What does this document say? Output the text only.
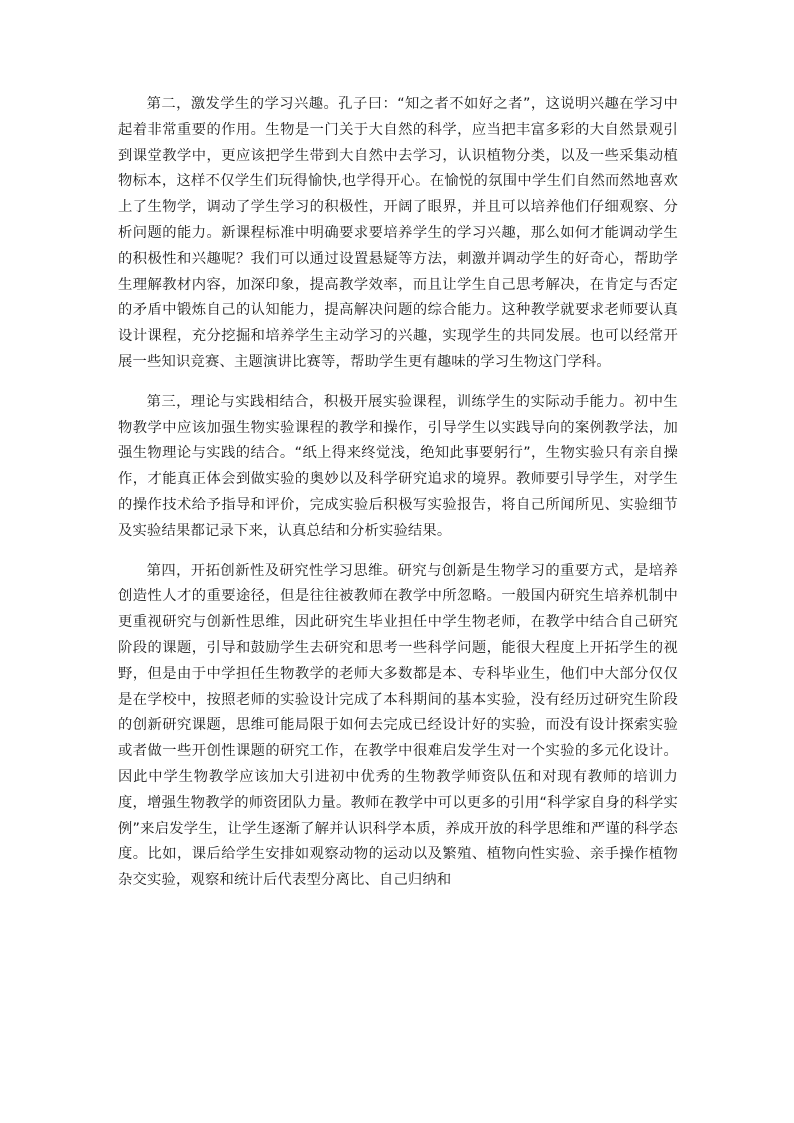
第二，激发学生的学习兴趣。孔子曰：“知之者不如好之者”，这说明兴趣在学习中起着非常重要的作用。生物是一门关于大自然的科学，应当把丰富多彩的大自然景观引到课堂教学中，更应该把学生带到大自然中去学习，认识植物分类，以及一些采集动植物标本，这样不仅学生们玩得愉快,也学得开心。在愉悦的氛围中学生们自然而然地喜欢上了生物学，调动了学生学习的积极性，开阔了眼界，并且可以培养他们仔细观察、分析问题的能力。新课程标准中明确要求要培养学生的学习兴趣，那么如何才能调动学生的积极性和兴趣呢？我们可以通过设置悬疑等方法，刺激并调动学生的好奇心，帮助学生理解教材内容，加深印象，提高教学效率，而且让学生自己思考解决，在肯定与否定的矛盾中锻炼自己的认知能力，提高解决问题的综合能力。这种教学就要求老师要认真设计课程，充分挖掘和培养学生主动学习的兴趣，实现学生的共同发展。也可以经常开展一些知识竞赛、主题演讲比赛等，帮助学生更有趣味的学习生物这门学科。

第三，理论与实践相结合，积极开展实验课程，训练学生的实际动手能力。初中生物教学中应该加强生物实验课程的教学和操作，引导学生以实践导向的案例教学法，加强生物理论与实践的结合。“纸上得来终觉浅，绝知此事要躬行”，生物实验只有亲自操作，才能真正体会到做实验的奥妙以及科学研究追求的境界。教师要引导学生，对学生的操作技术给予指导和评价，完成实验后积极写实验报告，将自己所闻所见、实验细节及实验结果都记录下来，认真总结和分析实验结果。

第四，开拓创新性及研究性学习思维。研究与创新是生物学习的重要方式，是培养创造性人才的重要途径，但是往往被教师在教学中所忽略。一般国内研究生培养机制中更重视研究与创新性思维，因此研究生毕业担任中学生物老师，在教学中结合自己研究阶段的课题，引导和鼓励学生去研究和思考一些科学问题，能很大程度上开拓学生的视野，但是由于中学担任生物教学的老师大多数都是本、专科毕业生，他们中大部分仅仅是在学校中，按照老师的实验设计完成了本科期间的基本实验，没有经历过研究生阶段的创新研究课题，思维可能局限于如何去完成已经设计好的实验，而没有设计探索实验或者做一些开创性课题的研究工作，在教学中很难启发学生对一个实验的多元化设计。因此中学生物教学应该加大引进初中优秀的生物教学师资队伍和对现有教师的培训力度，增强生物教学的师资团队力量。教师在教学中可以更多的引用“科学家自身的科学实例”来启发学生，让学生逐渐了解并认识科学本质，养成开放的科学思维和严谨的科学态度。比如，课后给学生安排如观察动物的运动以及繁殖、植物向性实验、亲手操作植物杂交实验，观察和统计后代表型分离比、自己归纳和
